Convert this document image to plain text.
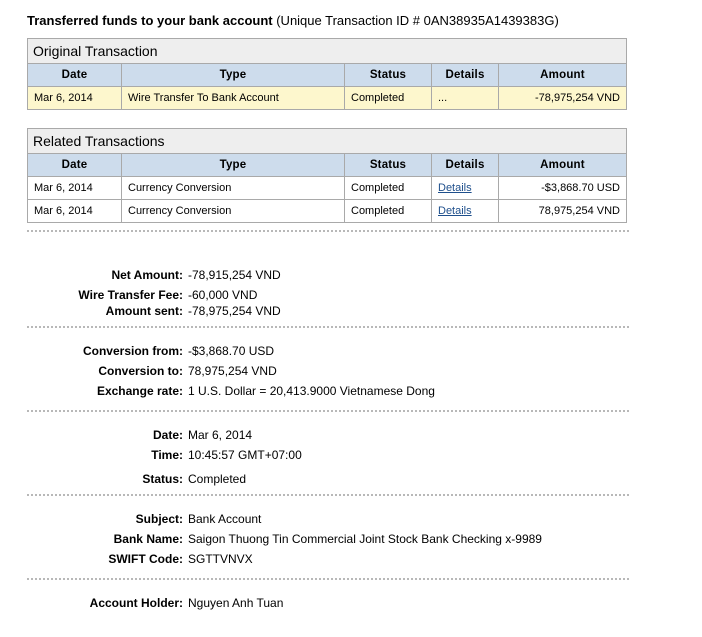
Transferred funds to your bank account (Unique Transaction ID # 0AN38935A1439383G)
Original Transaction
Date	Type	Status	Details	Amount
Mar 6, 2014	Wire Transfer To Bank Account	Completed	...	-78,975,254 VND
Related Transactions
Date	Type	Status	Details	Amount
Mar 6, 2014	Currency Conversion	Completed	Details	-$3,868.70 USD
Mar 6, 2014	Currency Conversion	Completed	Details	78,975,254 VND
Net Amount: -78,915,254 VND
Wire Transfer Fee: -60,000 VND
Amount sent: -78,975,254 VND
Conversion from: -$3,868.70 USD
Conversion to: 78,975,254 VND
Exchange rate: 1 U.S. Dollar = 20,413.9000 Vietnamese Dong
Date: Mar 6, 2014
Time: 10:45:57 GMT+07:00
Status: Completed
Subject: Bank Account
Bank Name: Saigon Thuong Tin Commercial Joint Stock Bank Checking x-9989
SWIFT Code: SGTTVNVX
Account Holder: Nguyen Anh Tuan
